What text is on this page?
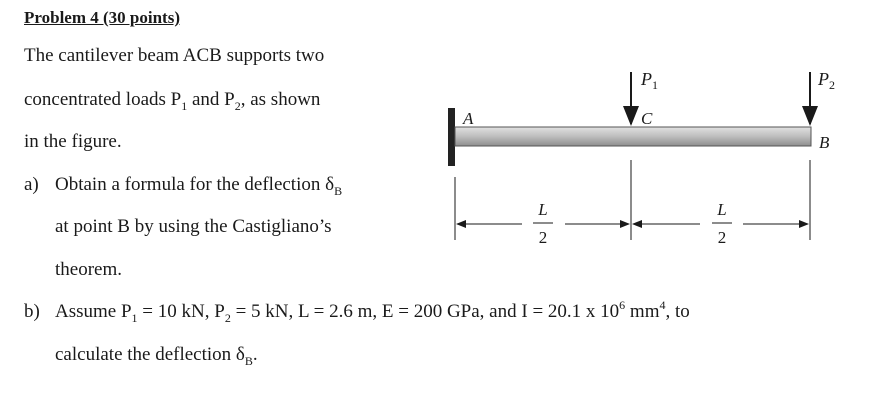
Problem 4 (30 points)
The cantilever beam ACB supports two
concentrated loads $P_1$ and $P_2$, as shown
in the figure.
a) Obtain a formula for the deflection $\delta_B$
at point B by using the Castigliano’s
theorem.
b) Assume $P_1 = 10$ kN, $P_2 = 5$ kN, L = 2.6 m, E = 200 GPa, and I = 20.1 x $10^6$ $mm^4$, to
calculate the deflection $\delta_B$.
A	C
B
$P_1$	$P_2$
L
2
L
2
